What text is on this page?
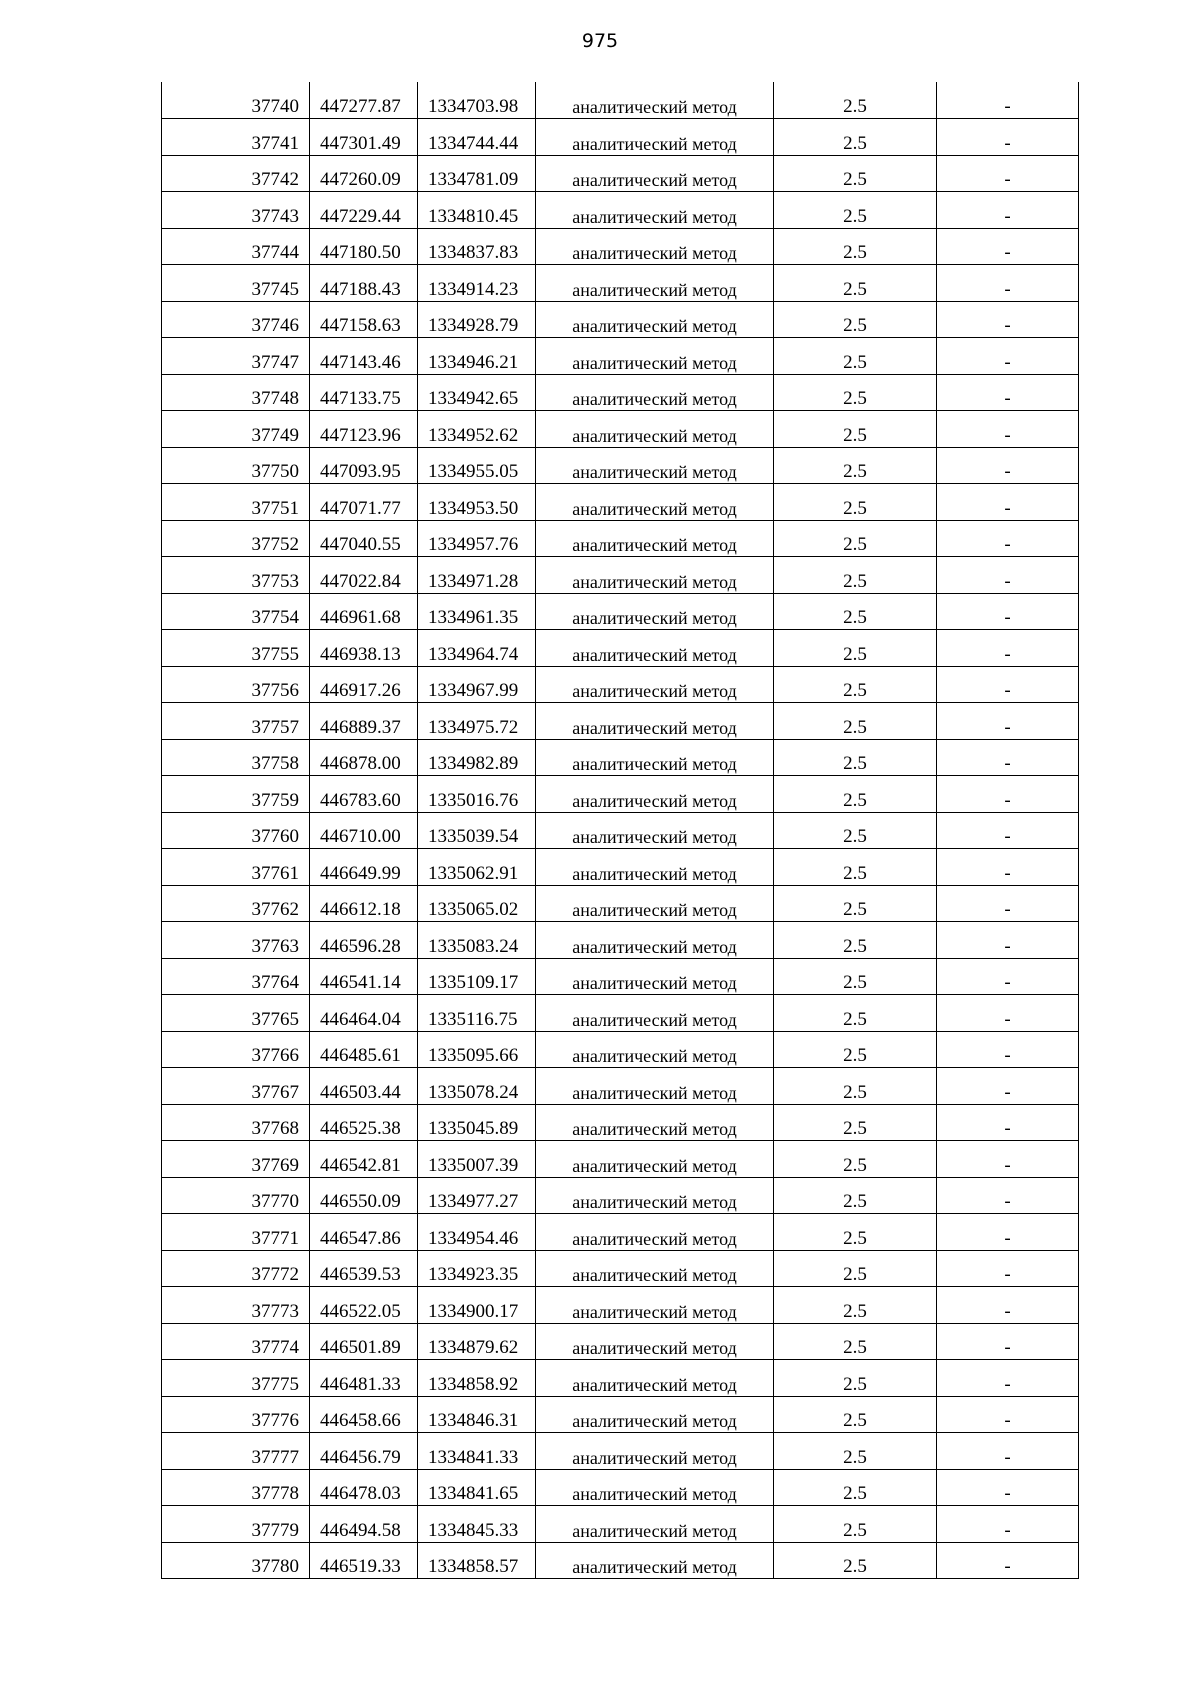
975
37740	447277.87	1334703.98	аналитический метод	2.5	-
37741	447301.49	1334744.44	аналитический метод	2.5	-
37742	447260.09	1334781.09	аналитический метод	2.5	-
37743	447229.44	1334810.45	аналитический метод	2.5	-
37744	447180.50	1334837.83	аналитический метод	2.5	-
37745	447188.43	1334914.23	аналитический метод	2.5	-
37746	447158.63	1334928.79	аналитический метод	2.5	-
37747	447143.46	1334946.21	аналитический метод	2.5	-
37748	447133.75	1334942.65	аналитический метод	2.5	-
37749	447123.96	1334952.62	аналитический метод	2.5	-
37750	447093.95	1334955.05	аналитический метод	2.5	-
37751	447071.77	1334953.50	аналитический метод	2.5	-
37752	447040.55	1334957.76	аналитический метод	2.5	-
37753	447022.84	1334971.28	аналитический метод	2.5	-
37754	446961.68	1334961.35	аналитический метод	2.5	-
37755	446938.13	1334964.74	аналитический метод	2.5	-
37756	446917.26	1334967.99	аналитический метод	2.5	-
37757	446889.37	1334975.72	аналитический метод	2.5	-
37758	446878.00	1334982.89	аналитический метод	2.5	-
37759	446783.60	1335016.76	аналитический метод	2.5	-
37760	446710.00	1335039.54	аналитический метод	2.5	-
37761	446649.99	1335062.91	аналитический метод	2.5	-
37762	446612.18	1335065.02	аналитический метод	2.5	-
37763	446596.28	1335083.24	аналитический метод	2.5	-
37764	446541.14	1335109.17	аналитический метод	2.5	-
37765	446464.04	1335116.75	аналитический метод	2.5	-
37766	446485.61	1335095.66	аналитический метод	2.5	-
37767	446503.44	1335078.24	аналитический метод	2.5	-
37768	446525.38	1335045.89	аналитический метод	2.5	-
37769	446542.81	1335007.39	аналитический метод	2.5	-
37770	446550.09	1334977.27	аналитический метод	2.5	-
37771	446547.86	1334954.46	аналитический метод	2.5	-
37772	446539.53	1334923.35	аналитический метод	2.5	-
37773	446522.05	1334900.17	аналитический метод	2.5	-
37774	446501.89	1334879.62	аналитический метод	2.5	-
37775	446481.33	1334858.92	аналитический метод	2.5	-
37776	446458.66	1334846.31	аналитический метод	2.5	-
37777	446456.79	1334841.33	аналитический метод	2.5	-
37778	446478.03	1334841.65	аналитический метод	2.5	-
37779	446494.58	1334845.33	аналитический метод	2.5	-
37780	446519.33	1334858.57	аналитический метод	2.5	-
